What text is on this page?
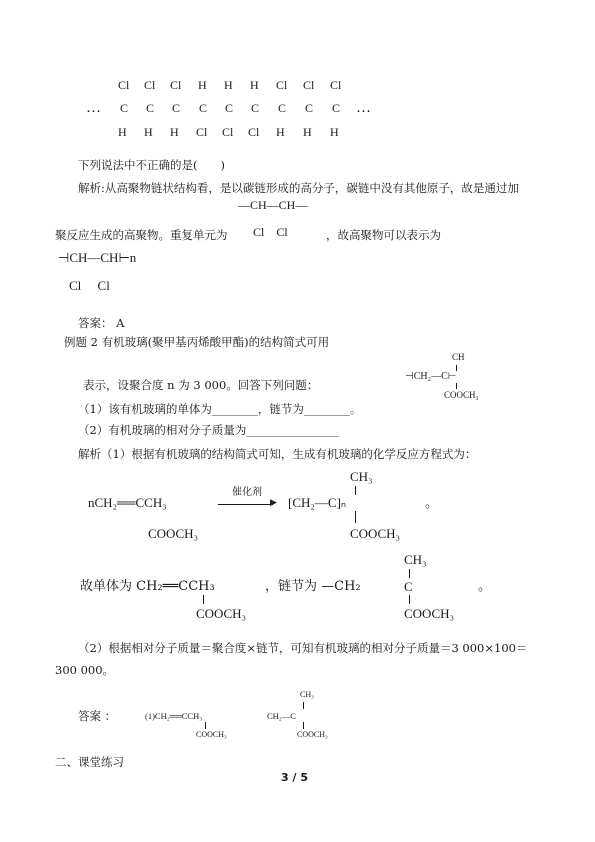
Cl Cl Cl H H H Cl Cl Cl
… C C C C C C C C C …
H H H Cl Cl Cl H H H
下列说法中不正确的是(　　)
解析:从高聚物链状结构看，是以碳链形成的高分子，碳链中没有其他原子，故是通过加
—CH—CH—
聚反应生成的高聚物。重复单元为 Cl　Cl	，故高聚物可以表示为
⊣CH—CH⊢n
Cl　 Cl
答案： A
例题 2 有机玻璃(聚甲基丙烯酸甲酯)的结构简式可用
CH
⊣CH₂—C⊢
COOCH₃
表示，设聚合度 n 为 3 000。回答下列问题：
（1）该有机玻璃的单体为________，链节为________。
（2）有机玻璃的相对分子质量为________________
解析（1）根据有机玻璃的结构简式可知，生成有机玻璃的化学反应方程式为：
CH₃
nCH₂══CCH₃
催化剂
▶ [CH₂—C]ₙ	。
COOCH₃	COOCH₃
CH₃
故单体为 CH₂══CCH₃	，链节为 —CH₂	C	。
COOCH₃	COOCH₃
（2）根据相对分子质量＝聚合度×链节，可知有机玻璃的相对分子质量＝3 000×100＝
300 000。
CH₃
答案 ：	(1)CH₂══CCH₃	CH₂—C
COOCH₃	COOCH₃
二、课堂练习
3 / 5
